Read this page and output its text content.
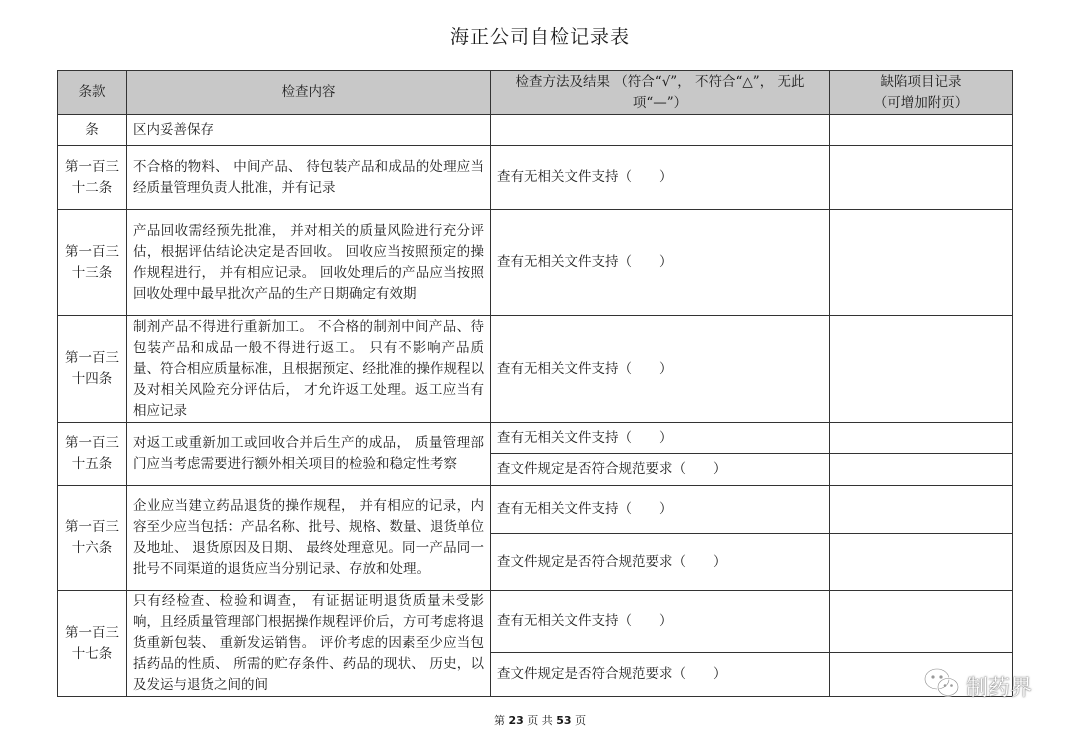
海正公司自检记录表
条款	检查内容	检查方法及结果 （符合“√”， 不符合“△”， 无此项“—”）	缺陷项目记录 （可增加附页）
条	区内妥善保存		
第一百三十二条	不合格的物料、 中间产品、 待包装产品和成品的处理应当经质量管理负责人批准，并有记录	查有无相关文件支持（　　）	
第一百三十三条	产品回收需经预先批准， 并对相关的质量风险进行充分评估，根据评估结论决定是否回收。 回收应当按照预定的操作规程进行， 并有相应记录。 回收处理后的产品应当按照回收处理中最早批次产品的生产日期确定有效期	查有无相关文件支持（　　）	
第一百三十四条	制剂产品不得进行重新加工。 不合格的制剂中间产品、待包装产品和成品一般不得进行返工。 只有不影响产品质量、符合相应质量标准，且根据预定、经批准的操作规程以及对相关风险充分评估后， 才允许返工处理。返工应当有相应记录	查有无相关文件支持（　　）	
第一百三十五条	对返工或重新加工或回收合并后生产的成品， 质量管理部门应当考虑需要进行额外相关项目的检验和稳定性考察	查有无相关文件支持（　　）	
		查文件规定是否符合规范要求（　　）	
第一百三十六条	企业应当建立药品退货的操作规程， 并有相应的记录，内容至少应当包括：产品名称、批号、规格、数量、退货单位及地址、 退货原因及日期、 最终处理意见。同一产品同一批号不同渠道的退货应当分别记录、存放和处理。	查有无相关文件支持（　　）	
		查文件规定是否符合规范要求（　　）	
第一百三十七条	只有经检查、检验和调查， 有证据证明退货质量未受影响，且经质量管理部门根据操作规程评价后，方可考虑将退货重新包装、 重新发运销售。 评价考虑的因素至少应当包括药品的性质、 所需的贮存条件、药品的现状、 历史，以及发运与退货之间的间	查有无相关文件支持（　　）	
		查文件规定是否符合规范要求（　　）	
第 23 页 共 53 页
制药界
